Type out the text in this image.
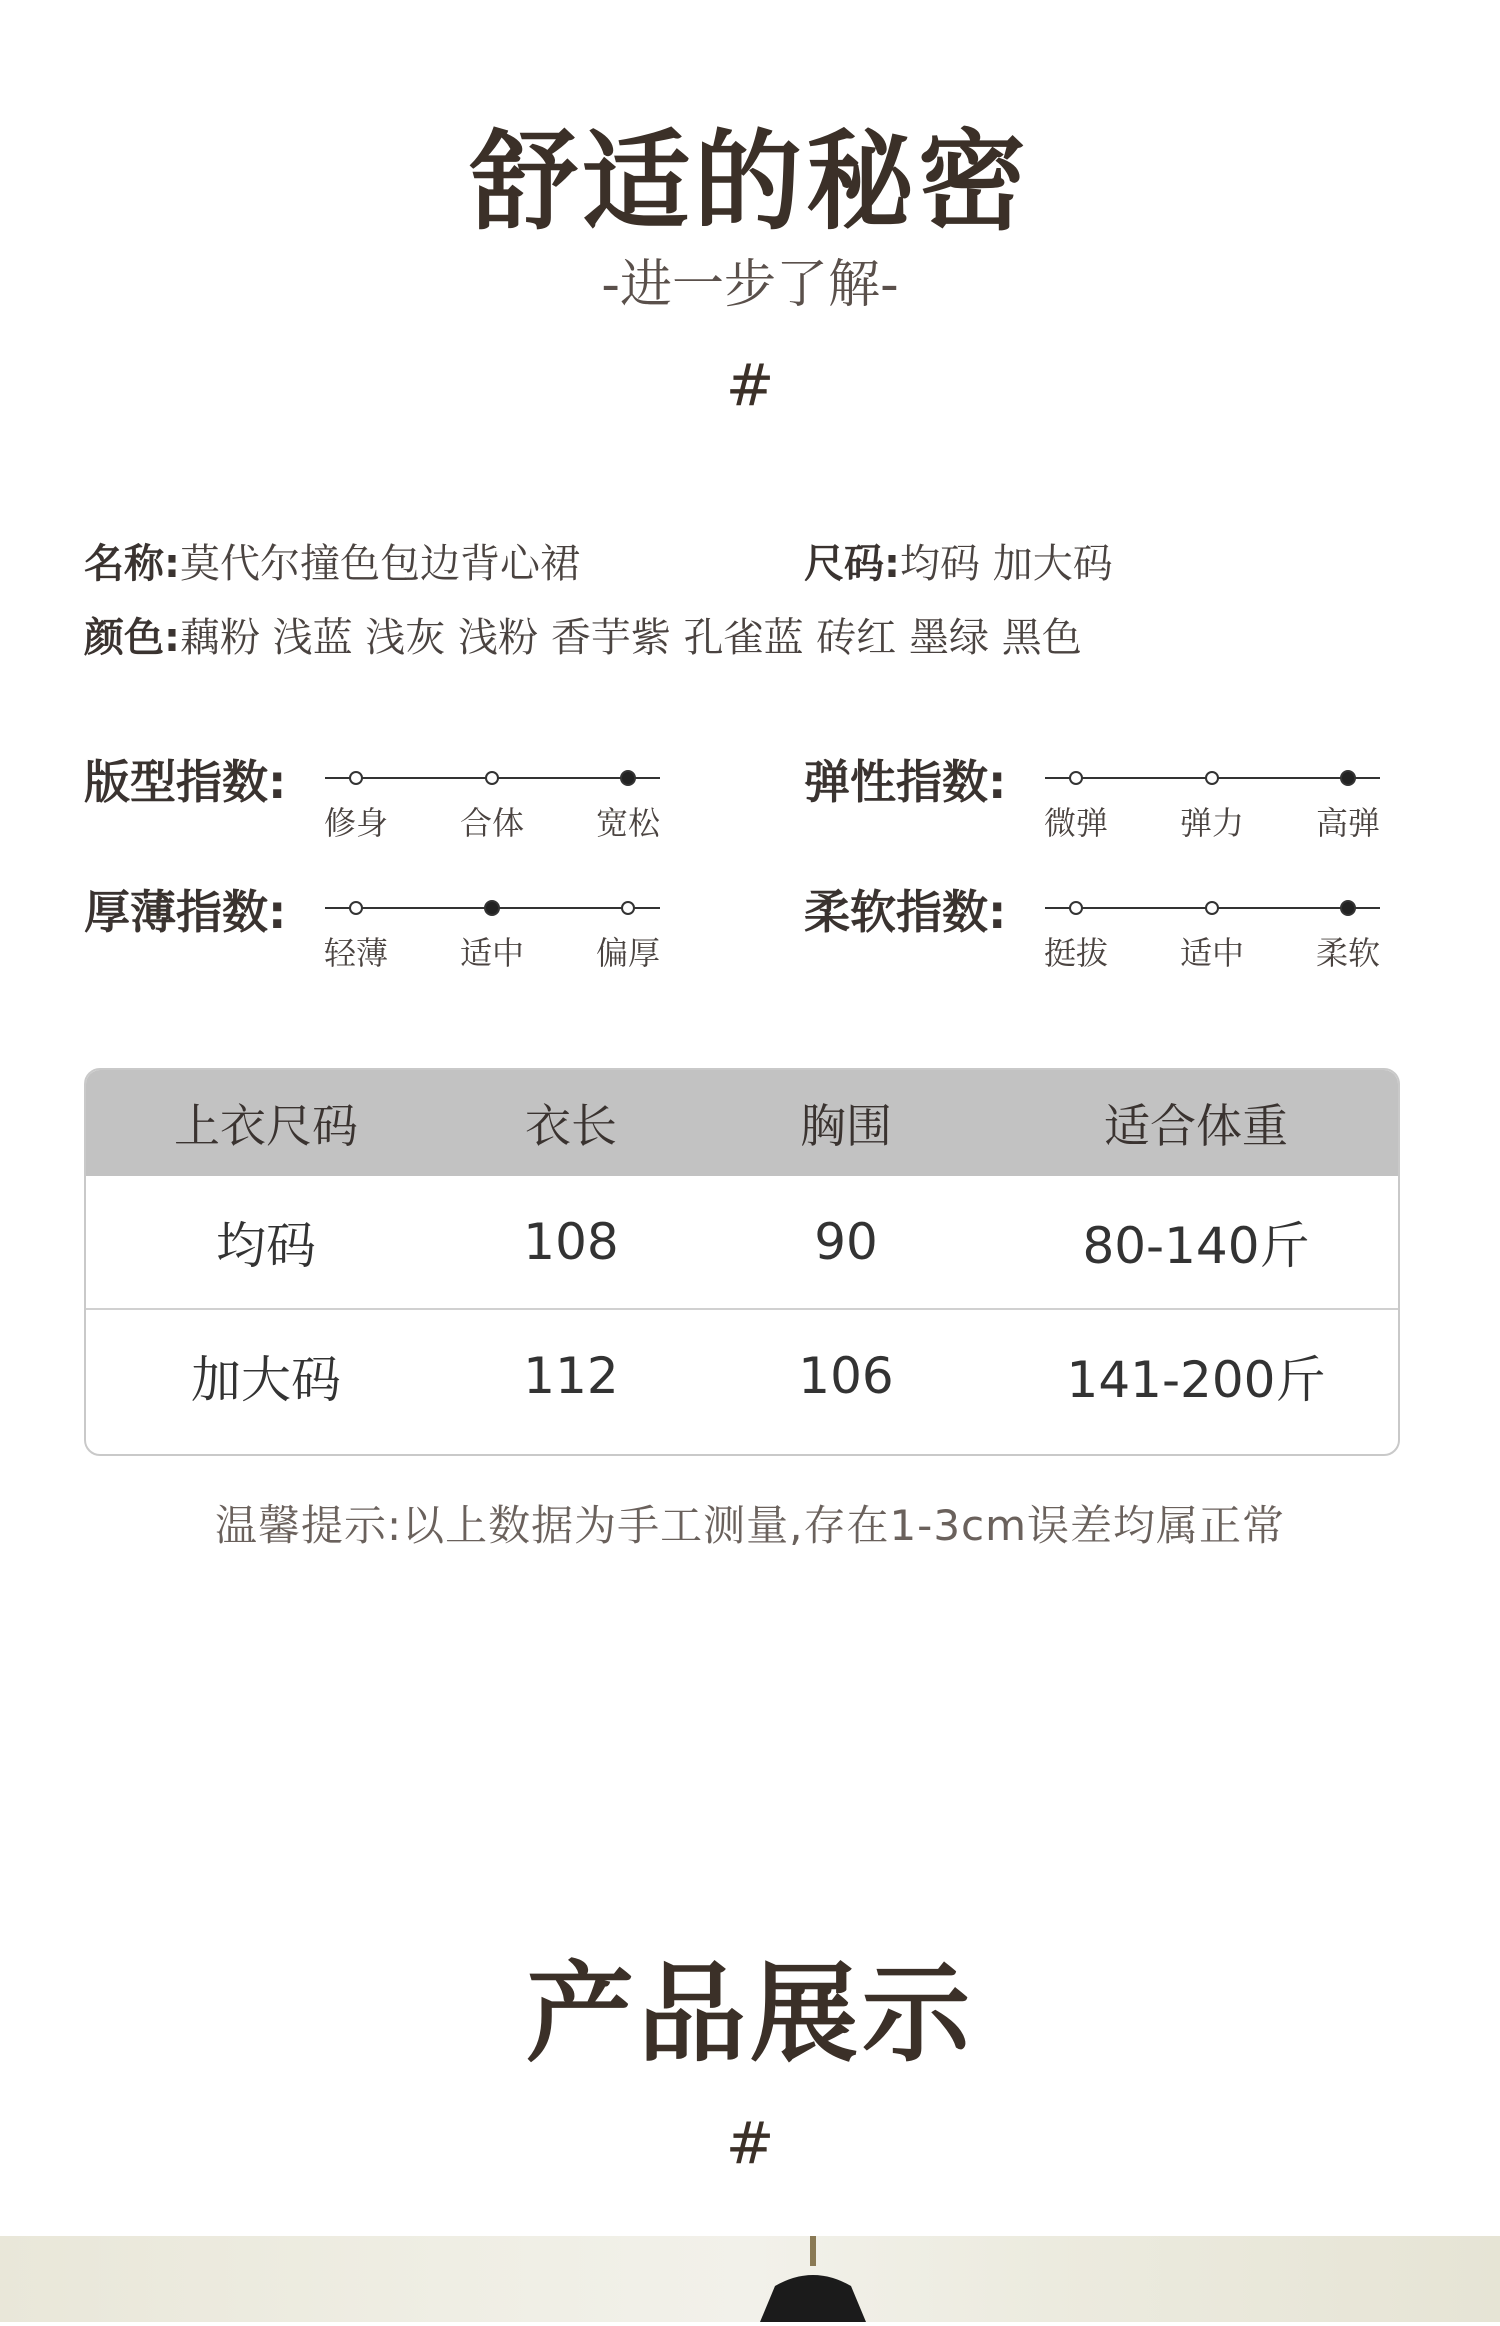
舒适的秘密
-进一步了解-
#
名称:莫代尔撞色包边背心裙	尺码:均码 加大码
颜色:藕粉 浅蓝 浅灰 浅粉 香芋紫 孔雀蓝 砖红 墨绿 黑色
版型指数:
修身	合体	宽松
弹性指数:
微弹	弹力	高弹
厚薄指数:
轻薄	适中	偏厚
柔软指数:
挺拔	适中	柔软
上衣尺码	衣长	胸围	适合体重
均码	108	90	80-140斤
加大码	112	106	141-200斤
温馨提示:以上数据为手工测量,存在1-3cm误差均属正常
产品展示
#
